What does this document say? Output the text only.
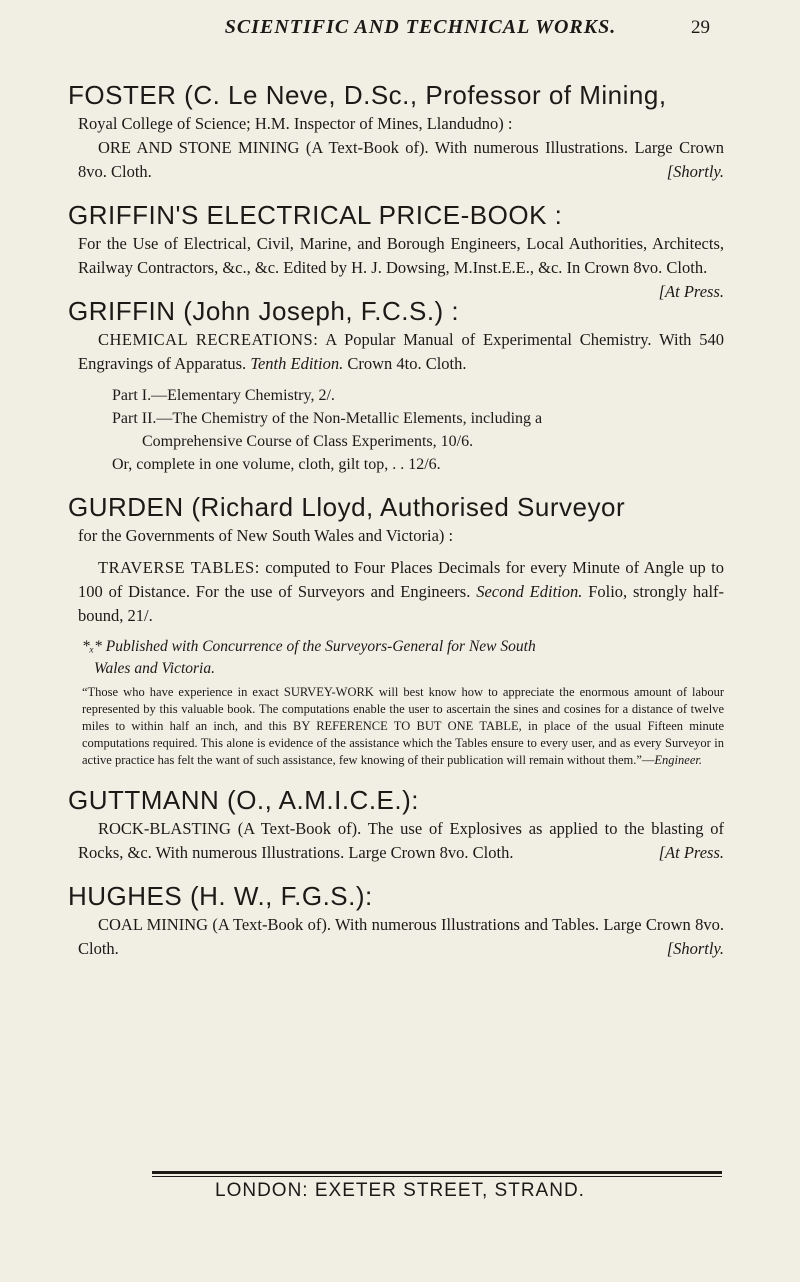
SCIENTIFIC AND TECHNICAL WORKS.	29
FOSTER (C. Le Neve, D.Sc., Professor of Mining,
Royal College of Science; H.M. Inspector of Mines, Llandudno) :
ORE AND STONE MINING (A Text-Book of). With numerous Illustrations. Large Crown 8vo. Cloth.	[Shortly.
GRIFFIN'S ELECTRICAL PRICE-BOOK :
For the Use of Electrical, Civil, Marine, and Borough Engineers, Local Authorities, Architects, Railway Contractors, &c., &c. Edited by H. J. Dowsing, M.Inst.E.E., &c. In Crown 8vo. Cloth.
[At Press.
GRIFFIN (John Joseph, F.C.S.) :
CHEMICAL RECREATIONS: A Popular Manual of Experimental Chemistry. With 540 Engravings of Apparatus. Tenth Edition. Crown 4to. Cloth.
Part I.—Elementary Chemistry, 2/.
Part II.—The Chemistry of the Non-Metallic Elements, including a
Comprehensive Course of Class Experiments, 10/6.
Or, complete in one volume, cloth, gilt top, . . 12/6.
GURDEN (Richard Lloyd, Authorised Surveyor
for the Governments of New South Wales and Victoria) :
TRAVERSE TABLES: computed to Four Places Decimals for every Minute of Angle up to 100 of Distance. For the use of Surveyors and Engineers. Second Edition. Folio, strongly half-bound, 21/.
*ₓ* Published with Concurrence of the Surveyors-General for New South
Wales and Victoria.
“Those who have experience in exact SURVEY-WORK will best know how to appreciate the enormous amount of labour represented by this valuable book. The computations enable the user to ascertain the sines and cosines for a distance of twelve miles to within half an inch, and this BY REFERENCE TO BUT ONE TABLE, in place of the usual Fifteen minute computations required. This alone is evidence of the assistance which the Tables ensure to every user, and as every Surveyor in active practice has felt the want of such assistance, few knowing of their publication will remain without them.”—Engineer.
GUTTMANN (O., A.M.I.C.E.):
ROCK-BLASTING (A Text-Book of). The use of Explosives as applied to the blasting of Rocks, &c. With numerous Illustrations. Large Crown 8vo. Cloth.	[At Press.
HUGHES (H. W., F.G.S.):
COAL MINING (A Text-Book of). With numerous Illustrations and Tables. Large Crown 8vo. Cloth.	[Shortly.
LONDON: EXETER STREET, STRAND.
